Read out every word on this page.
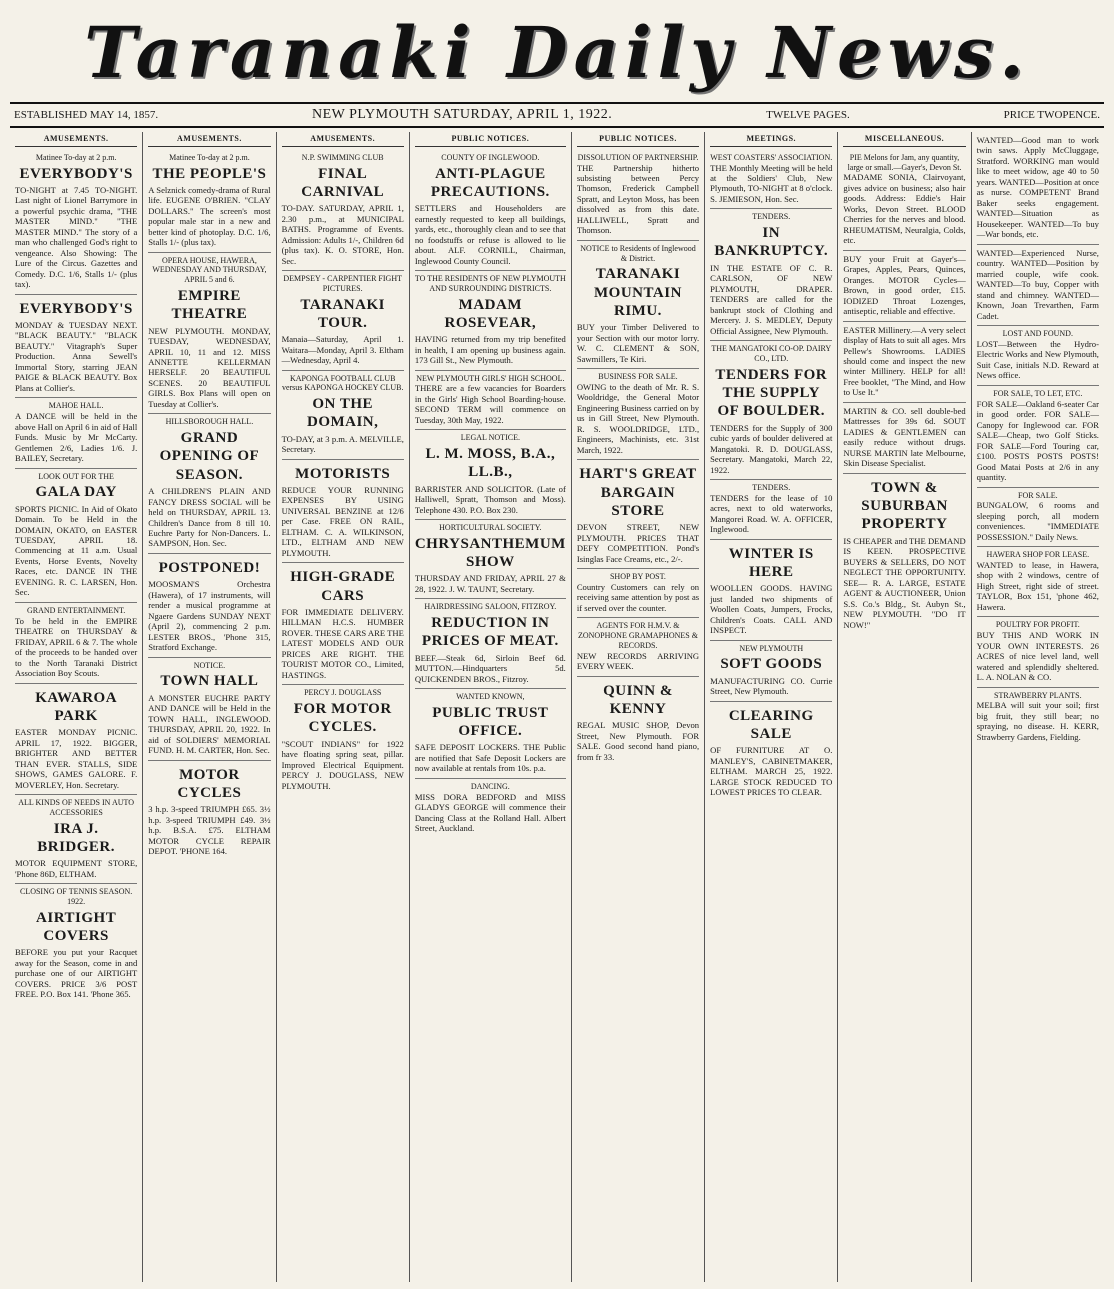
Taranaki Daily News.
ESTABLISHED MAY 14, 1857.	NEW PLYMOUTH SATURDAY, APRIL 1, 1922.	TWELVE PAGES.	PRICE TWOPENCE.
AMUSEMENTS.
Matinee To-day at 2 p.m.
EVERYBODY'S
TO-NIGHT at 7.45 TO-NIGHT. Last night of Lionel Barrymore in a powerful psychic drama, "THE MASTER MIND." "THE MASTER MIND." The story of a man who challenged God's right to vengeance. Also Showing: The Lure of the Circus. Gazettes and Comedy. D.C. 1/6, Stalls 1/- (plus tax).
EVERYBODY'S
MONDAY & TUESDAY NEXT. "BLACK BEAUTY." "BLACK BEAUTY." Vitagraph's Super Production. Anna Sewell's Immortal Story, starring JEAN PAIGE & BLACK BEAUTY. Box Plans at Collier's.
MAHOE HALL.
A DANCE will be held in the above Hall on April 6 in aid of Hall Funds. Music by Mr McCarty. Gentlemen 2/6, Ladies 1/6. J. BAILEY, Secretary.
LOOK OUT FOR THE
GALA DAY
SPORTS PICNIC. In Aid of Okato Domain. To be Held in the DOMAIN, OKATO, on EASTER TUESDAY, APRIL 18. Commencing at 11 a.m. Usual Events, Horse Events, Novelty Races, etc. DANCE IN THE EVENING. R. C. LARSEN, Hon. Sec.
GRAND ENTERTAINMENT.
To be held in the EMPIRE THEATRE on THURSDAY & FRIDAY, APRIL 6 & 7. The whole of the proceeds to be handed over to the North Taranaki District Association Boy Scouts.
KAWAROA PARK
EASTER MONDAY PICNIC. APRIL 17, 1922. BIGGER, BRIGHTER AND BETTER THAN EVER. STALLS, SIDE SHOWS, GAMES GALORE. F. MOVERLEY, Hon. Secretary.
ALL KINDS OF NEEDS IN AUTO ACCESSORIES
IRA J. BRIDGER.
MOTOR EQUIPMENT STORE, 'Phone 86D, ELTHAM.
CLOSING OF TENNIS SEASON. 1922.
AIRTIGHT COVERS
BEFORE you put your Racquet away for the Season, come in and purchase one of our AIRTIGHT COVERS. PRICE 3/6 POST FREE. P.O. Box 141. 'Phone 365.
AMUSEMENTS.
Matinee To-day at 2 p.m.
THE PEOPLE'S
A Selznick comedy-drama of Rural life. EUGENE O'BRIEN. "CLAY DOLLARS." The screen's most popular male star in a new and better kind of photoplay. D.C. 1/6, Stalls 1/- (plus tax).
OPERA HOUSE, HAWERA, WEDNESDAY AND THURSDAY, APRIL 5 and 6.
EMPIRE THEATRE
NEW PLYMOUTH. MONDAY, TUESDAY, WEDNESDAY, APRIL 10, 11 and 12. MISS ANNETTE KELLERMAN HERSELF. 20 BEAUTIFUL SCENES. 20 BEAUTIFUL GIRLS. Box Plans will open on Tuesday at Collier's.
HILLSBOROUGH HALL.
GRAND OPENING OF SEASON.
A CHILDREN'S PLAIN AND FANCY DRESS SOCIAL will be held on THURSDAY, APRIL 13. Children's Dance from 8 till 10. Euchre Party for Non-Dancers. L. SAMPSON, Hon. Sec.
POSTPONED!
MOOSMAN'S Orchestra (Hawera), of 17 instruments, will render a musical programme at Ngaere Gardens SUNDAY NEXT (April 2), commencing 2 p.m. LESTER BROS., 'Phone 315, Stratford Exchange.
NOTICE.
TOWN HALL
A MONSTER EUCHRE PARTY AND DANCE will be Held in the TOWN HALL, INGLEWOOD. THURSDAY, APRIL 20, 1922. In aid of SOLDIERS' MEMORIAL FUND. H. M. CARTER, Hon. Sec.
MOTOR CYCLES
3 h.p. 3-speed TRIUMPH £65. 3½ h.p. 3-speed TRIUMPH £49. 3½ h.p. B.S.A. £75. ELTHAM MOTOR CYCLE REPAIR DEPOT. 'PHONE 164.
AMUSEMENTS.
N.P. SWIMMING CLUB
FINAL CARNIVAL
TO-DAY. SATURDAY, APRIL 1, 2.30 p.m., at MUNICIPAL BATHS. Programme of Events. Admission: Adults 1/-, Children 6d (plus tax). K. O. STORE, Hon. Sec.
DEMPSEY - CARPENTIER FIGHT PICTURES.
TARANAKI TOUR.
Manaia—Saturday, April 1. Waitara—Monday, April 3. Eltham—Wednesday, April 4.
KAPONGA FOOTBALL CLUB versus KAPONGA HOCKEY CLUB.
ON THE DOMAIN,
TO-DAY, at 3 p.m. A. MELVILLE, Secretary.
MOTORISTS
REDUCE YOUR RUNNING EXPENSES BY USING UNIVERSAL BENZINE at 12/6 per Case. FREE ON RAIL, ELTHAM. C. A. WILKINSON, LTD., ELTHAM AND NEW PLYMOUTH.
HIGH-GRADE CARS
FOR IMMEDIATE DELIVERY. HILLMAN H.C.S. HUMBER ROVER. THESE CARS ARE THE LATEST MODELS AND OUR PRICES ARE RIGHT. THE TOURIST MOTOR CO., Limited, HASTINGS.
PERCY J. DOUGLASS
FOR MOTOR CYCLES.
"SCOUT INDIANS" for 1922 have floating spring seat, pillar. Improved Electrical Equipment. PERCY J. DOUGLASS, NEW PLYMOUTH.
PUBLIC NOTICES.
COUNTY OF INGLEWOOD.
ANTI-PLAGUE PRECAUTIONS.
SETTLERS and Householders are earnestly requested to keep all buildings, yards, etc., thoroughly clean and to see that no foodstuffs or refuse is allowed to lie about. ALF. CORNILL, Chairman, Inglewood County Council.
TO THE RESIDENTS OF NEW PLYMOUTH AND SURROUNDING DISTRICTS.
MADAM ROSEVEAR,
HAVING returned from my trip benefited in health, I am opening up business again. 173 Gill St., New Plymouth.
NEW PLYMOUTH GIRLS' HIGH SCHOOL.
THERE are a few vacancies for Boarders in the Girls' High School Boarding-house. SECOND TERM will commence on Tuesday, 30th May, 1922.
LEGAL NOTICE.
L. M. MOSS, B.A., LL.B.,
BARRISTER AND SOLICITOR. (Late of Halliwell, Spratt, Thomson and Moss). Telephone 430. P.O. Box 230.
HORTICULTURAL SOCIETY.
CHRYSANTHEMUM SHOW
THURSDAY AND FRIDAY, APRIL 27 & 28, 1922. J. W. TAUNT, Secretary.
HAIRDRESSING SALOON, FITZROY.
REDUCTION IN PRICES OF MEAT.
BEEF.—Steak 6d, Sirloin Beef 6d. MUTTON.—Hindquarters 5d. QUICKENDEN BROS., Fitzroy.
WANTED KNOWN,
PUBLIC TRUST OFFICE.
SAFE DEPOSIT LOCKERS. THE Public are notified that Safe Deposit Lockers are now available at rentals from 10s. p.a.
DANCING.
MISS DORA BEDFORD and MISS GLADYS GEORGE will commence their Dancing Class at the Rolland Hall. Albert Street, Auckland.
PUBLIC NOTICES.
DISSOLUTION OF PARTNERSHIP.
THE Partnership hitherto subsisting between Percy Thomson, Frederick Campbell Spratt, and Leyton Moss, has been dissolved as from this date. HALLIWELL, Spratt and Thomson.
NOTICE to Residents of Inglewood & District.
TARANAKI MOUNTAIN RIMU.
BUY your Timber Delivered to your Section with our motor lorry. W. C. CLEMENT & SON, Sawmillers, Te Kiri.
BUSINESS FOR SALE.
OWING to the death of Mr. R. S. Wooldridge, the General Motor Engineering Business carried on by us in Gill Street, New Plymouth. R. S. WOOLDRIDGE, LTD., Engineers, Machinists, etc. 31st March, 1922.
HART'S GREAT BARGAIN STORE
DEVON STREET, NEW PLYMOUTH. PRICES THAT DEFY COMPETITION. Pond's Isinglas Face Creams, etc., 2/-.
SHOP BY POST.
Country Customers can rely on receiving same attention by post as if served over the counter.
AGENTS FOR H.M.V. & ZONOPHONE GRAMAPHONES & RECORDS.
NEW RECORDS ARRIVING EVERY WEEK.
QUINN & KENNY
REGAL MUSIC SHOP, Devon Street, New Plymouth. FOR SALE. Good second hand piano, from fr 33.
MEETINGS.
WEST COASTERS' ASSOCIATION.
THE Monthly Meeting will be held at the Soldiers' Club, New Plymouth, TO-NIGHT at 8 o'clock. S. JEMIESON, Hon. Sec.
TENDERS.
IN BANKRUPTCY.
IN THE ESTATE OF C. R. CARLSON, OF NEW PLYMOUTH, DRAPER. TENDERS are called for the bankrupt stock of Clothing and Mercery. J. S. MEDLEY, Deputy Official Assignee, New Plymouth.
THE MANGATOKI CO-OP. DAIRY CO., LTD.
TENDERS FOR THE SUPPLY OF BOULDER.
TENDERS for the Supply of 300 cubic yards of boulder delivered at Mangatoki. R. D. DOUGLASS, Secretary. Mangatoki, March 22, 1922.
TENDERS.
TENDERS for the lease of 10 acres, next to old waterworks, Mangorei Road. W. A. OFFICER, Inglewood.
WINTER IS HERE
WOOLLEN GOODS. HAVING just landed two shipments of Woollen Coats, Jumpers, Frocks, Children's Coats. CALL AND INSPECT.
NEW PLYMOUTH
SOFT GOODS
MANUFACTURING CO. Currie Street, New Plymouth.
CLEARING SALE
OF FURNITURE AT O. MANLEY'S, CABINETMAKER, ELTHAM. MARCH 25, 1922. LARGE STOCK REDUCED TO LOWEST PRICES TO CLEAR.
MISCELLANEOUS.
PIE Melons for Jam, any quantity, large or small.—Gayer's, Devon St.
MADAME SONIA, Clairvoyant, gives advice on business; also hair goods. Address: Eddie's Hair Works, Devon Street. BLOOD Cherries for the nerves and blood. RHEUMATISM, Neuralgia, Colds, etc.
BUY your Fruit at Gayer's—Grapes, Apples, Pears, Quinces, Oranges. MOTOR Cycles—Brown, in good order, £15. IODIZED Throat Lozenges, antiseptic, reliable and effective.
EASTER Millinery.—A very select display of Hats to suit all ages. Mrs Pellew's Showrooms. LADIES should come and inspect the new winter Millinery. HELP for all! Free booklet, "The Mind, and How to Use It."
MARTIN & CO. sell double-bed Mattresses for 39s 6d. SOUT LADIES & GENTLEMEN can easily reduce without drugs. NURSE MARTIN late Melbourne, Skin Disease Specialist.
TOWN & SUBURBAN PROPERTY
IS CHEAPER and THE DEMAND IS KEEN. PROSPECTIVE BUYERS & SELLERS, DO NOT NEGLECT THE OPPORTUNITY. SEE— R. A. LARGE, ESTATE AGENT & AUCTIONEER, Union S.S. Co.'s Bldg., St. Aubyn St., NEW PLYMOUTH. "DO IT NOW!"
WANTED—Good man to work twin saws. Apply McCluggage, Stratford. WORKING man would like to meet widow, age 40 to 50 years. WANTED—Position at once as nurse. COMPETENT Brand Baker seeks engagement. WANTED—Situation as Housekeeper. WANTED—To buy—War bonds, etc.
WANTED—Experienced Nurse, country. WANTED—Position by married couple, wife cook. WANTED—To buy, Copper with stand and chimney. WANTED—Known, Joan Trevarthen, Farm Cadet.
LOST AND FOUND.
LOST—Between the Hydro-Electric Works and New Plymouth, Suit Case, initials N.D. Reward at News office.
FOR SALE, TO LET, ETC.
FOR SALE—Oakland 6-seater Car in good order. FOR SALE—Canopy for Inglewood car. FOR SALE—Cheap, two Golf Sticks. FOR SALE—Ford Touring car, £100. POSTS POSTS POSTS! Good Matai Posts at 2/6 in any quantity.
FOR SALE.
BUNGALOW, 6 rooms and sleeping porch, all modern conveniences. "IMMEDIATE POSSESSION." Daily News.
HAWERA SHOP FOR LEASE.
WANTED to lease, in Hawera, shop with 2 windows, centre of High Street, right side of street. TAYLOR, Box 151, 'phone 462, Hawera.
POULTRY FOR PROFIT.
BUY THIS AND WORK IN YOUR OWN INTERESTS. 26 ACRES of nice level land, well watered and splendidly sheltered. L. A. NOLAN & CO.
STRAWBERRY PLANTS.
MELBA will suit your soil; first big fruit, they still bear; no spraying, no disease. H. KERR, Strawberry Gardens, Fielding.
